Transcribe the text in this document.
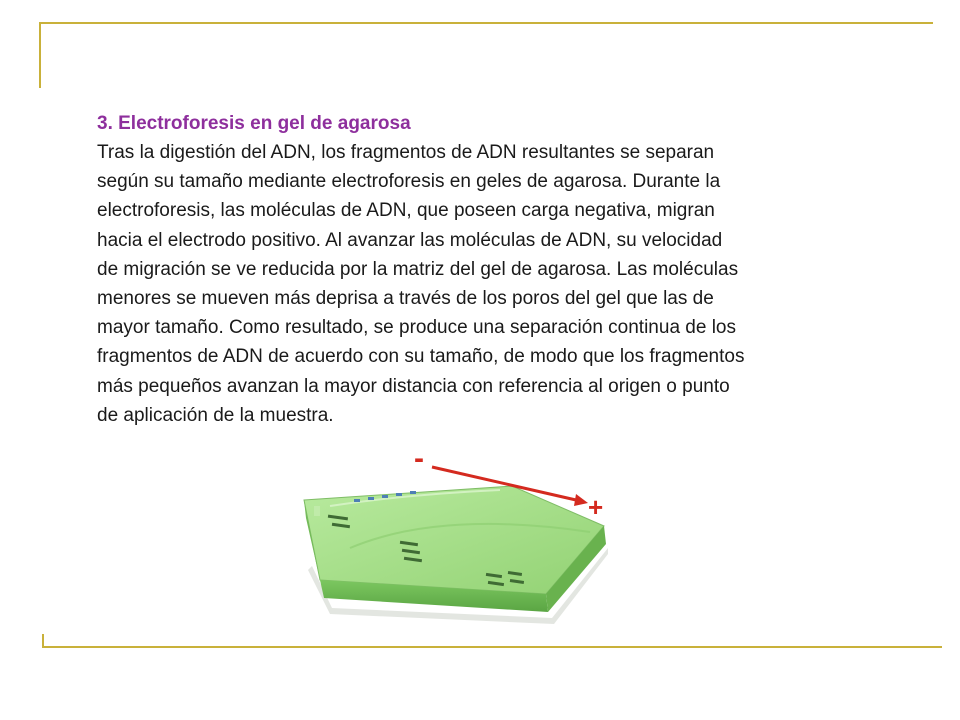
3. Electroforesis en gel de agarosa

Tras la digestión del ADN, los fragmentos de ADN resultantes se separan

según su tamaño mediante electroforesis en geles de agarosa. Durante la

electroforesis, las moléculas de ADN, que poseen carga negativa, migran

hacia el electrodo positivo. Al avanzar las moléculas de ADN, su velocidad

de migración se ve reducida por la matriz del gel de agarosa. Las moléculas

menores se mueven más deprisa a través de los poros del gel que las de

mayor tamaño. Como resultado, se produce una separación continua de los

fragmentos de ADN de acuerdo con su tamaño, de modo que los fragmentos

más pequeños avanzan la mayor distancia con referencia al origen o punto

de aplicación de la muestra.

-
+
